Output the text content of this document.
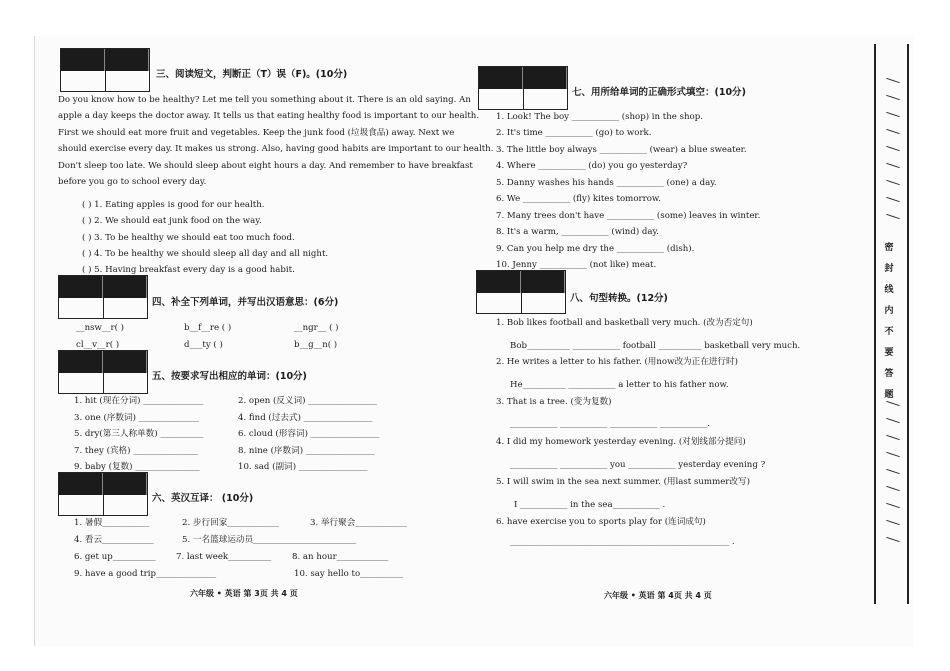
三、阅读短文，判断正（T）误（F)。(10分)
Do you know how to be healthy? Let me tell you something about it. There is an old saying. An
apple a day keeps the doctor away. It tells us that eating healthy food is important to our health.
First we should eat more fruit and vegetables. Keep the junk food (垃圾食品) away. Next we
should exercise every day. It makes us strong. Also, having good habits are important to our health.
Don't sleep too late. We should sleep about eight hours a day. And remember to have breakfast
before you go to school every day.
( ) 1. Eating apples is good for our health.
( ) 2. We should eat junk food on the way.
( ) 3. To be healthy we should eat too much food.
( ) 4. To be healthy we should sleep all day and all night.
( ) 5. Having breakfast every day is a good habit.
四、补全下列单词，并写出汉语意思：(6分)
__nsw__r( )	b__f__re ( )	__ngr__ ( )
cl__v__r( )	d___ty ( )	b__g__n( )
五、按要求写出相应的单词：(10分)
1. hit (现在分词) ______________	2. open (反义词) ________________
3. one (序数词) ______________	4. find (过去式) ________________
5. dry(第三人称单数) __________	6. cloud (形容词) ________________
7. they (宾格) _______________	8. nine (序数词) ________________
9. baby (复数) _______________	10. sad (副词) ________________
六、英汉互译： (10分)
1. 暑假___________	2. 步行回家____________	3. 举行聚会____________
4. 看云____________	5. 一名篮球运动员________________________
6. get up__________ 7. last week__________ 8. an hour____________
9. have a good trip______________	10. say hello to__________
六年级 • 英语 第 3页 共 4 页
七、用所给单词的正确形式填空：(10分)
1. Look! The boy ___________ (shop) in the shop.
2. It's time ___________ (go) to work.
3. The little boy always ___________ (wear) a blue sweater.
4. Where ___________ (do) you go yesterday?
5. Danny washes his hands ___________ (one) a day.
6. We ___________ (fly) kites tomorrow.
7. Many trees don't have ___________ (some) leaves in winter.
8. It's a warm, ___________ (wind) day.
9. Can you help me dry the ___________ (dish).
10. Jenny ___________ (not like) meat.
八、句型转换。(12分)
1. Bob likes football and basketball very much. (改为否定句)
Bob__________ ___________ football __________ basketball very much.
2. He writes a letter to his father. (用now改为正在进行时)
He__________ ___________ a letter to his father now.
3. That is a tree. (变为复数)
___________ ___________ ___________ ___________.
4. I did my homework yesterday evening. (对划线部分提问)
___________ ___________ you ___________ yesterday evening ?
5. I will swim in the sea next summer. (用last summer改写)
I ___________ in the sea___________ .
6. have exercise you to sports play for (连词成句)
___________________________________________________ .
六年级 • 英语 第 4页 共 4 页
密
封
线
内
不
要
答
题
